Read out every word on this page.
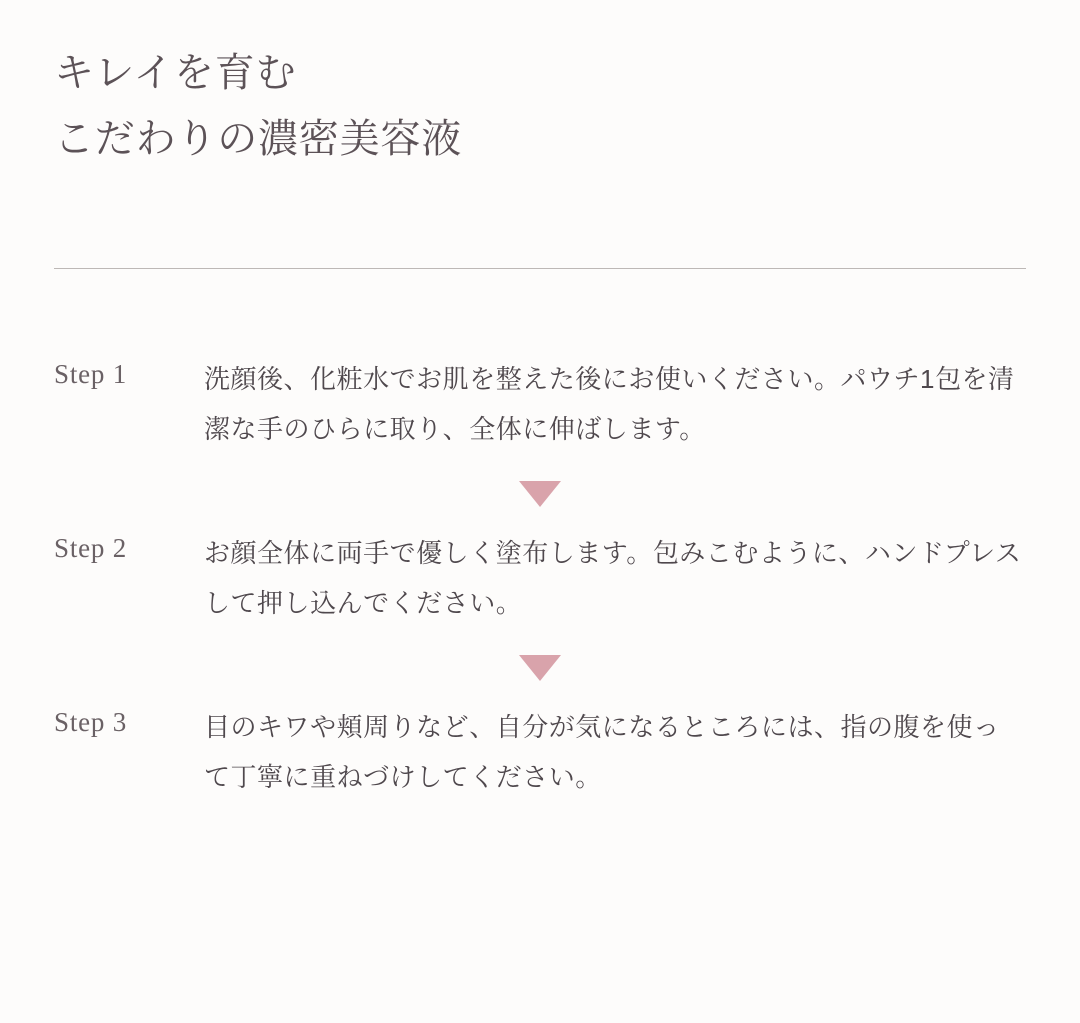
キレイを育む
こだわりの濃密美容液
Step 1	洗顔後、化粧水でお肌を整えた後にお使いください。パウチ1包を清潔な手のひらに取り、全体に伸ばします。
Step 2	お顔全体に両手で優しく塗布します。包みこむように、ハンドプレスして押し込んでください。
Step 3	目のキワや頬周りなど、自分が気になるところには、指の腹を使って丁寧に重ねづけしてください。
